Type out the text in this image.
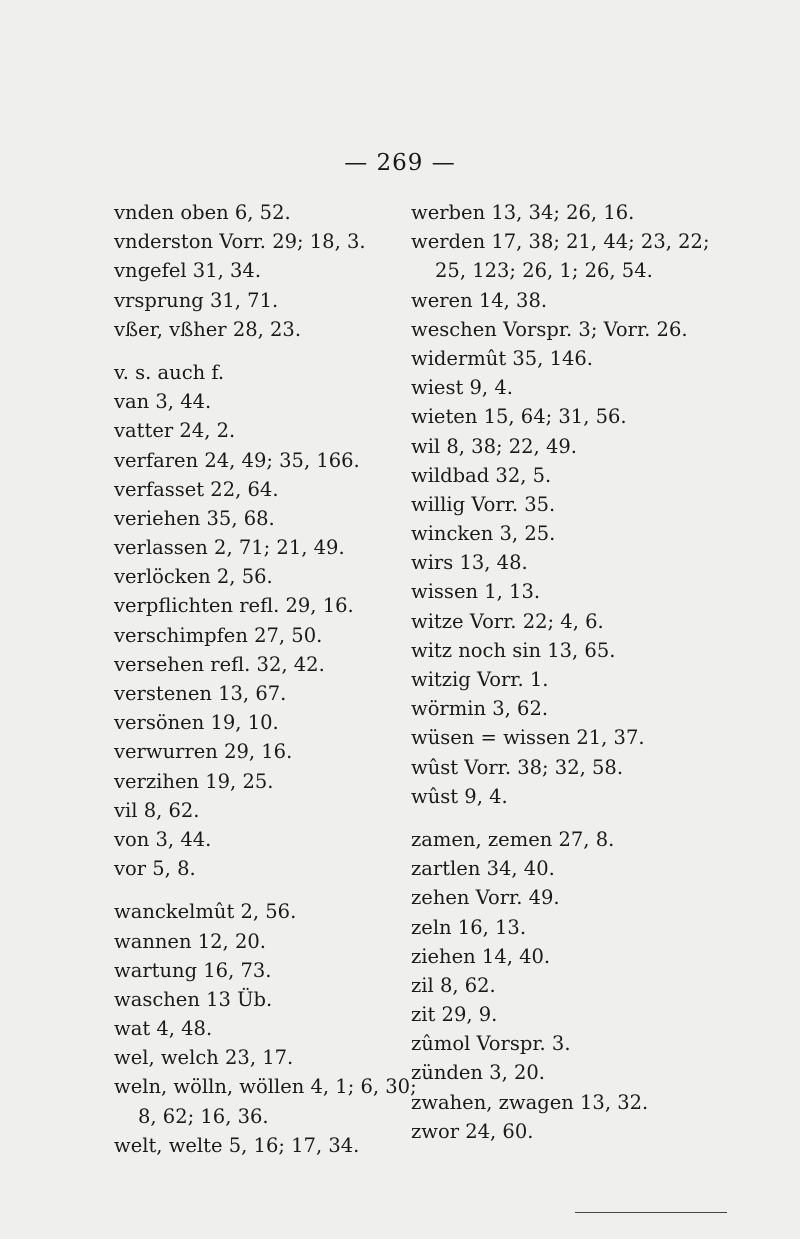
— 269 —
vnden oben 6, 52.
vnderston Vorr. 29; 18, 3.
vngefel 31, 34.
vrsprung 31, 71.
vßer, vßher 28, 23.
v. s. auch f.
van 3, 44.
vatter 24, 2.
verfaren 24, 49; 35, 166.
verfasset 22, 64.
veriehen 35, 68.
verlassen 2, 71; 21, 49.
verlöcken 2, 56.
verpflichten refl. 29, 16.
verschimpfen 27, 50.
versehen refl. 32, 42.
verstenen 13, 67.
versönen 19, 10.
verwurren 29, 16.
verzihen 19, 25.
vil 8, 62.
von 3, 44.
vor 5, 8.
wanckelmût 2, 56.
wannen 12, 20.
wartung 16, 73.
waschen 13 Üb.
wat 4, 48.
wel, welch 23, 17.
weln, wölln, wöllen 4, 1; 6, 30;
8, 62; 16, 36.
welt, welte 5, 16; 17, 34.
werben 13, 34; 26, 16.
werden 17, 38; 21, 44; 23, 22;
25, 123; 26, 1; 26, 54.
weren 14, 38.
weschen Vorspr. 3; Vorr. 26.
widermût 35, 146.
wiest 9, 4.
wieten 15, 64; 31, 56.
wil 8, 38; 22, 49.
wildbad 32, 5.
willig Vorr. 35.
wincken 3, 25.
wirs 13, 48.
wissen 1, 13.
witze Vorr. 22; 4, 6.
witz noch sin 13, 65.
witzig Vorr. 1.
wörmin 3, 62.
wüsen = wissen 21, 37.
wûst Vorr. 38; 32, 58.
wûst 9, 4.
zamen, zemen 27, 8.
zartlen 34, 40.
zehen Vorr. 49.
zeln 16, 13.
ziehen 14, 40.
zil 8, 62.
zit 29, 9.
zûmol Vorspr. 3.
zünden 3, 20.
zwahen, zwagen 13, 32.
zwor 24, 60.
